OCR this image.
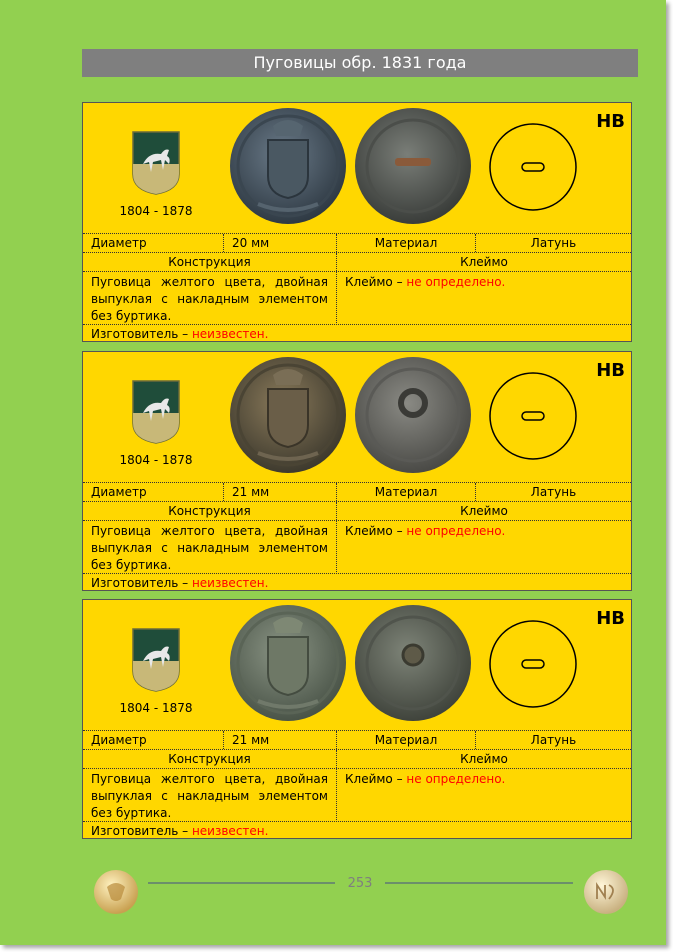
Пуговицы обр. 1831 года
1804 - 1878
НВ
Диаметр	20 мм	Материал	Латунь
Конструкция	Клеймо
Пуговица желтого цвета, двойная выпуклая с накладным элементом без буртика.
Клеймо – не определено.
Изготовитель – неизвестен.
1804 - 1878
НВ
Диаметр	21 мм	Материал	Латунь
Конструкция	Клеймо
Пуговица желтого цвета, двойная выпуклая с накладным элементом без буртика.
Клеймо – не определено.
Изготовитель – неизвестен.
1804 - 1878
НВ
Диаметр	21 мм	Материал	Латунь
Конструкция	Клеймо
Пуговица желтого цвета, двойная выпуклая с накладным элементом без буртика.
Клеймо – не определено.
Изготовитель – неизвестен.
253
